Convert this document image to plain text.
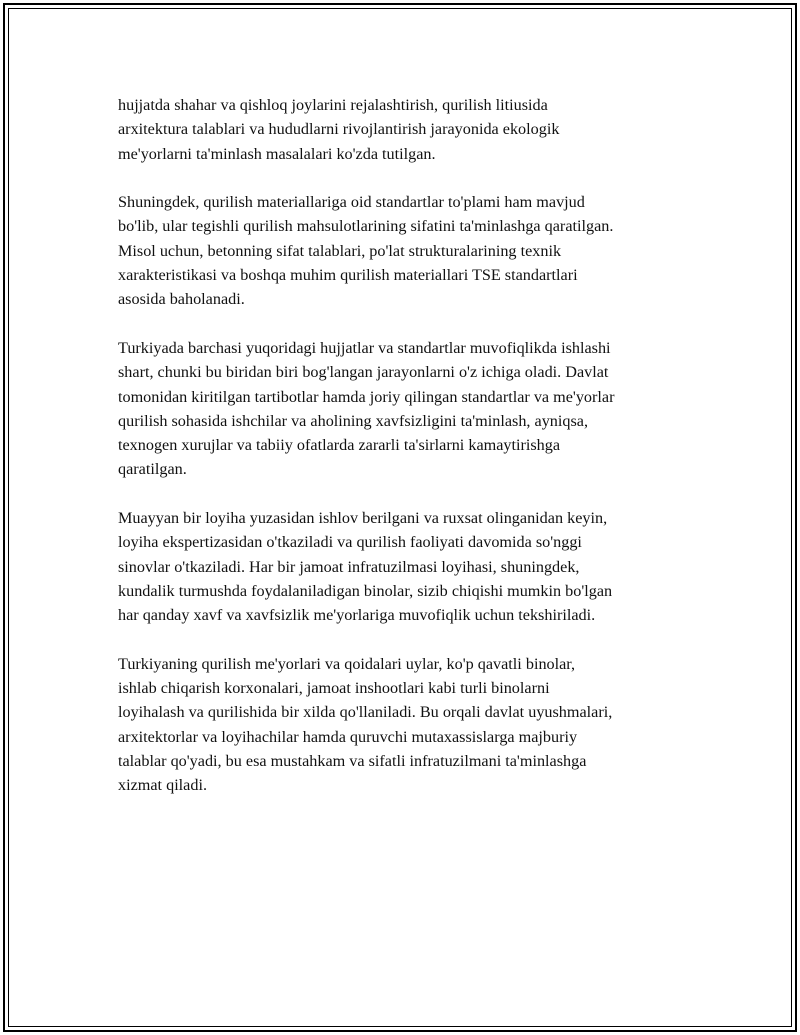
hujjatda shahar va qishloq joylarini rejalashtirish, qurilish litiusida
arxitektura talablari va hududlarni rivojlantirish jarayonida ekologik
me'yorlarni ta'minlash masalalari ko'zda tutilgan.

Shuningdek, qurilish materiallariga oid standartlar to'plami ham mavjud
bo'lib, ular tegishli qurilish mahsulotlarining sifatini ta'minlashga qaratilgan.
Misol uchun, betonning sifat talablari, po'lat strukturalarining texnik
xarakteristikasi va boshqa muhim qurilish materiallari TSE standartlari
asosida baholanadi.

Turkiyada barchasi yuqoridagi hujjatlar va standartlar muvofiqlikda ishlashi
shart, chunki bu biridan biri bog'langan jarayonlarni o'z ichiga oladi. Davlat
tomonidan kiritilgan tartibotlar hamda joriy qilingan standartlar va me'yorlar
qurilish sohasida ishchilar va aholining xavfsizligini ta'minlash, ayniqsa,
texnogen xurujlar va tabiiy ofatlarda zararli ta'sirlarni kamaytirishga
qaratilgan.

Muayyan bir loyiha yuzasidan ishlov berilgani va ruxsat olinganidan keyin,
loyiha ekspertizasidan o'tkaziladi va qurilish faoliyati davomida so'nggi
sinovlar o'tkaziladi. Har bir jamoat infratuzilmasi loyihasi, shuningdek,
kundalik turmushda foydalaniladigan binolar, sizib chiqishi mumkin bo'lgan
har qanday xavf va xavfsizlik me'yorlariga muvofiqlik uchun tekshiriladi.

Turkiyaning qurilish me'yorlari va qoidalari uylar, ko'p qavatli binolar,
ishlab chiqarish korxonalari, jamoat inshootlari kabi turli binolarni
loyihalash va qurilishida bir xilda qo'llaniladi. Bu orqali davlat uyushmalari,
arxitektorlar va loyihachilar hamda quruvchi mutaxassislarga majburiy
talablar qo'yadi, bu esa mustahkam va sifatli infratuzilmani ta'minlashga
xizmat qiladi.
